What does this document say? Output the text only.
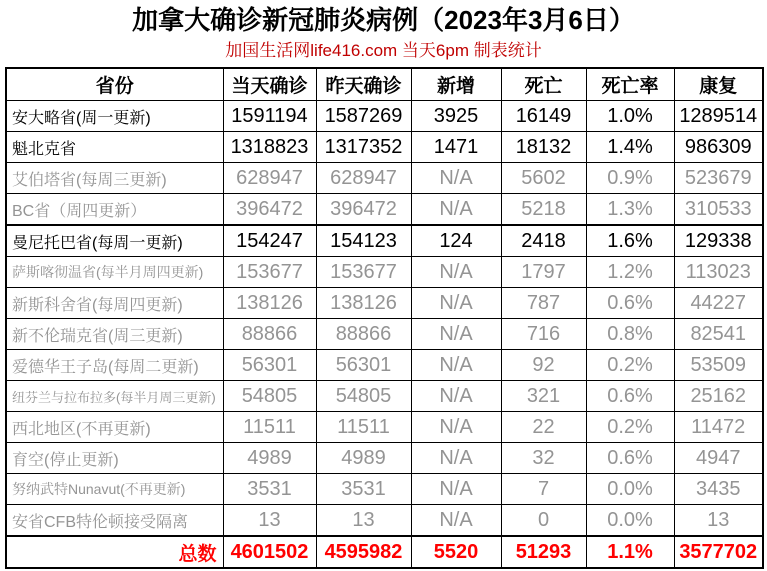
加拿大确诊新冠肺炎病例（2023年3月6日）
加国生活网life416.com 当天6pm 制表统计
省份	当天确诊	昨天确诊	新增	死亡	死亡率	康复
安大略省(周一更新)	1591194	1587269	3925	16149	1.0%	1289514
魁北克省	1318823	1317352	1471	18132	1.4%	986309
艾伯塔省(每周三更新)	628947	628947	N/A	5602	0.9%	523679
BC省（周四更新）	396472	396472	N/A	5218	1.3%	310533
曼尼托巴省(每周一更新)	154247	154123	124	2418	1.6%	129338
萨斯喀彻温省(每半月周四更新)	153677	153677	N/A	1797	1.2%	113023
新斯科舍省(每周四更新)	138126	138126	N/A	787	0.6%	44227
新不伦瑞克省(周三更新)	88866	88866	N/A	716	0.8%	82541
爱德华王子岛(每周二更新)	56301	56301	N/A	92	0.2%	53509
纽芬兰与拉布拉多(每半月周三更新)	54805	54805	N/A	321	0.6%	25162
西北地区(不再更新)	11511	11511	N/A	22	0.2%	11472
育空(停止更新)	4989	4989	N/A	32	0.6%	4947
努纳武特Nunavut(不再更新)	3531	3531	N/A	7	0.0%	3435
安省CFB特伦顿接受隔离	13	13	N/A	0	0.0%	13
总数	4601502	4595982	5520	51293	1.1%	3577702
